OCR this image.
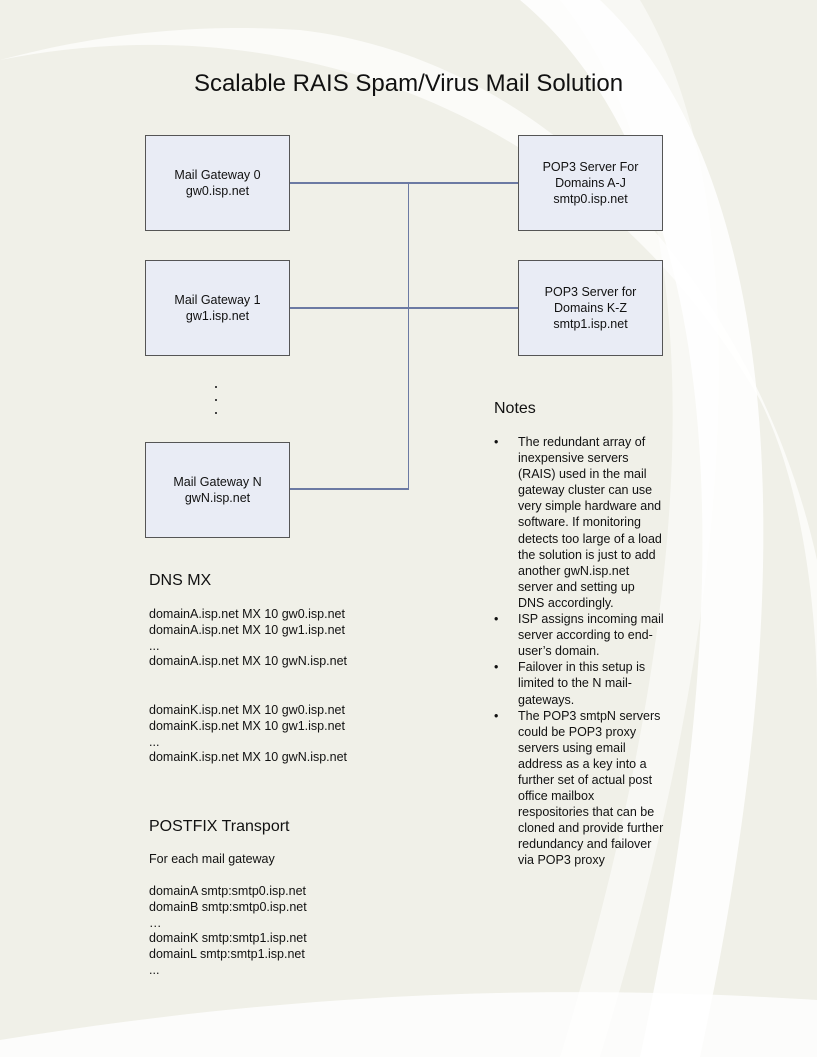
Scalable RAIS Spam/Virus Mail Solution
Mail Gateway 0
gw0.isp.net
Mail Gateway 1
gw1.isp.net
Mail Gateway N
gwN.isp.net
POP3 Server For
Domains A-J
smtp0.isp.net
POP3 Server for
Domains K-Z
smtp1.isp.net
DNS MX
domainA.isp.net MX 10 gw0.isp.net
domainA.isp.net MX 10 gw1.isp.net
...
domainA.isp.net MX 10 gwN.isp.net
domainK.isp.net MX 10 gw0.isp.net
domainK.isp.net MX 10 gw1.isp.net
...
domainK.isp.net MX 10 gwN.isp.net
POSTFIX Transport
For each mail gateway
domainA smtp:smtp0.isp.net
domainB smtp:smtp0.isp.net
…
domainK smtp:smtp1.isp.net
domainL smtp:smtp1.isp.net
...
Notes
• The redundant array of inexpensive servers (RAIS) used in the mail gateway cluster can use very simple hardware and software. If monitoring detects too large of a load the solution is just to add another gwN.isp.net server and setting up DNS accordingly.
• ISP assigns incoming mail server according to end-user’s domain.
• Failover in this setup is limited to the N mail-gateways.
• The POP3 smtpN servers could be POP3 proxy servers using email address as a key into a further set of actual post office mailbox respositories that can be cloned and provide further redundancy and failover via POP3 proxy
